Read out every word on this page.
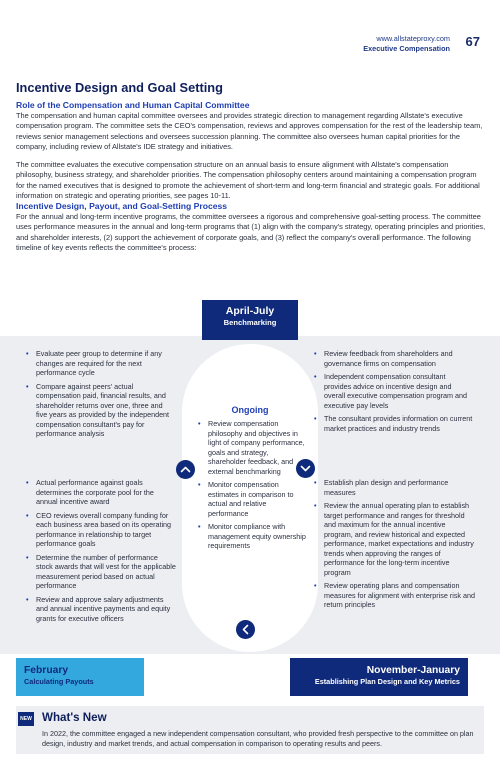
www.allstateproxy.com
Executive Compensation 67
Incentive Design and Goal Setting
Role of the Compensation and Human Capital Committee
The compensation and human capital committee oversees and provides strategic direction to management regarding Allstate's executive compensation program. The committee sets the CEO's compensation, reviews and approves compensation for the rest of the leadership team, reviews senior management selections and oversees succession planning. The committee also oversees human capital priorities for the company, including review of Allstate's IDE strategy and initiatives.
The committee evaluates the executive compensation structure on an annual basis to ensure alignment with Allstate's compensation philosophy, business strategy, and shareholder priorities. The compensation philosophy centers around maintaining a compensation program for the named executives that is designed to promote the achievement of short-term and long-term financial and strategic goals. For additional information on strategic and operating priorities, see pages 10-11.
Incentive Design, Payout, and Goal-Setting Process
For the annual and long-term incentive programs, the committee oversees a rigorous and comprehensive goal-setting process. The committee uses performance measures in the annual and long-term programs that (1) align with the company's strategy, operating principles and priorities, and shareholder interests, (2) support the achievement of corporate goals, and (3) reflect the company's overall performance. The following timeline of key events reflects the committee's process:
April-July
Benchmarking
• Evaluate peer group to determine if any changes are required for the next performance cycle
• Compare against peers' actual compensation paid, financial results, and shareholder returns over one, three and five years as provided by the independent compensation consultant's pay for performance analysis
• Review feedback from shareholders and governance firms on compensation
• Independent compensation consultant provides advice on incentive design and overall executive compensation program and executive pay levels
• The consultant provides information on current market practices and industry trends
Ongoing
• Review compensation philosophy and objectives in light of company performance, goals and strategy, shareholder feedback, and external benchmarking
• Monitor compensation estimates in comparison to actual and relative performance
• Monitor compliance with management equity ownership requirements
• Actual performance against goals determines the corporate pool for the annual incentive award
• CEO reviews overall company funding for each business area based on its operating performance in relationship to target performance goals
• Determine the number of performance stock awards that will vest for the applicable measurement period based on actual performance
• Review and approve salary adjustments and annual incentive payments and equity grants for executive officers
• Establish plan design and performance measures
• Review the annual operating plan to establish target performance and ranges for threshold and maximum for the annual incentive program, and review historical and expected performance, market expectations and industry trends when approving the ranges of performance for the long-term incentive program
• Review operating plans and compensation measures for alignment with enterprise risk and return principles
February
Calculating Payouts
November-January
Establishing Plan Design and Key Metrics
NEW What's New
In 2022, the committee engaged a new independent compensation consultant, who provided fresh perspective to the committee on plan design, industry and market trends, and actual compensation in comparison to operating results and peers.
